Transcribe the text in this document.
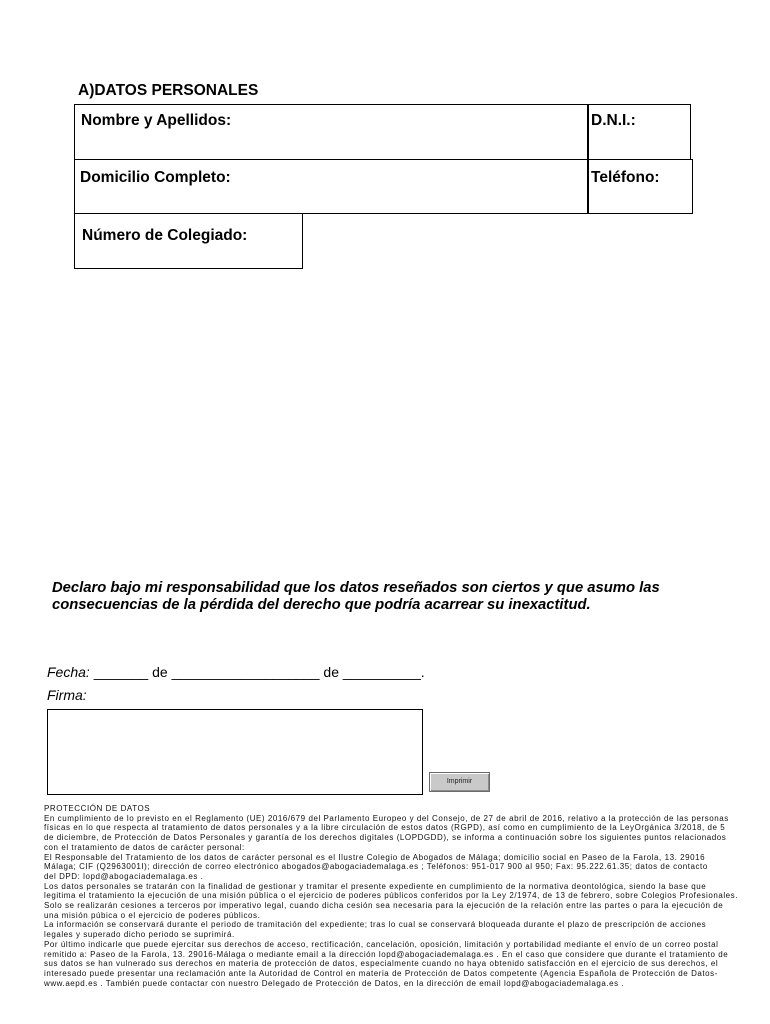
A)DATOS PERSONALES
Nombre y Apellidos:	D.N.I.:
Domicilio Completo:	Teléfono:
Número de Colegiado:
Declaro bajo mi responsabilidad que los datos reseñados son ciertos y que asumo las
consecuencias de la pérdida del derecho que podría acarrear su inexactitud.
Fecha: _______ de ___________________ de __________.
Firma:
Imprimir
PROTECCIÓN DE DATOS
En cumplimiento de lo previsto en el Reglamento (UE) 2016/679 del Parlamento Europeo y del Consejo, de 27 de abril de 2016, relativo a la protección de las personas
físicas en lo que respecta al tratamiento de datos personales y a la libre circulación de estos datos (RGPD), así como en cumplimiento de la LeyOrgánica 3/2018, de 5
de diciembre, de Protección de Datos Personales y garantía de los derechos digitales (LOPDGDD), se informa a continuación sobre los siguientes puntos relacionados
con el tratamiento de datos de carácter personal:
El Responsable del Tratamiento de los datos de carácter personal es el Ilustre Colegio de Abogados de Málaga; domicilio social en Paseo de la Farola, 13. 29016
Málaga; CIF (Q2963001I); dirección de correo electrónico abogados@abogaciademalaga.es ; Teléfonos: 951-017 900 al 950; Fax: 95.222.61.35; datos de contacto
del DPD: lopd@abogaciademalaga.es .
Los datos personales se tratarán con la finalidad de gestionar y tramitar el presente expediente en cumplimiento de la normativa deontológica, siendo la base que
legitima el tratamiento la ejecución de una misión pública o el ejercicio de poderes públicos conferidos por la Ley 2/1974, de 13 de febrero, sobre Colegios Profesionales.
Solo se realizarán cesiones a terceros por imperativo legal, cuando dicha cesión sea necesaria para la ejecución de la relación entre las partes o para la ejecución de
una misión púbica o el ejercicio de poderes públicos.
La información se conservará durante el periodo de tramitación del expediente; tras lo cual se conservará bloqueada durante el plazo de prescripción de acciones
legales y superado dicho periodo se suprimirá.
Por último indicarle que puede ejercitar sus derechos de acceso, rectificación, cancelación, oposición, limitación y portabilidad mediante el envío de un correo postal
remitido a: Paseo de la Farola, 13. 29016-Málaga o mediante email a la dirección lopd@abogaciademalaga.es . En el caso que considere que durante el tratamiento de
sus datos se han vulnerado sus derechos en materia de protección de datos, especialmente cuando no haya obtenido satisfacción en el ejercicio de sus derechos, el
interesado puede presentar una reclamación ante la Autoridad de Control en materia de Protección de Datos competente (Agencia Española de Protección de Datos-
www.aepd.es . También puede contactar con nuestro Delegado de Protección de Datos, en la dirección de email lopd@abogaciademalaga.es .
